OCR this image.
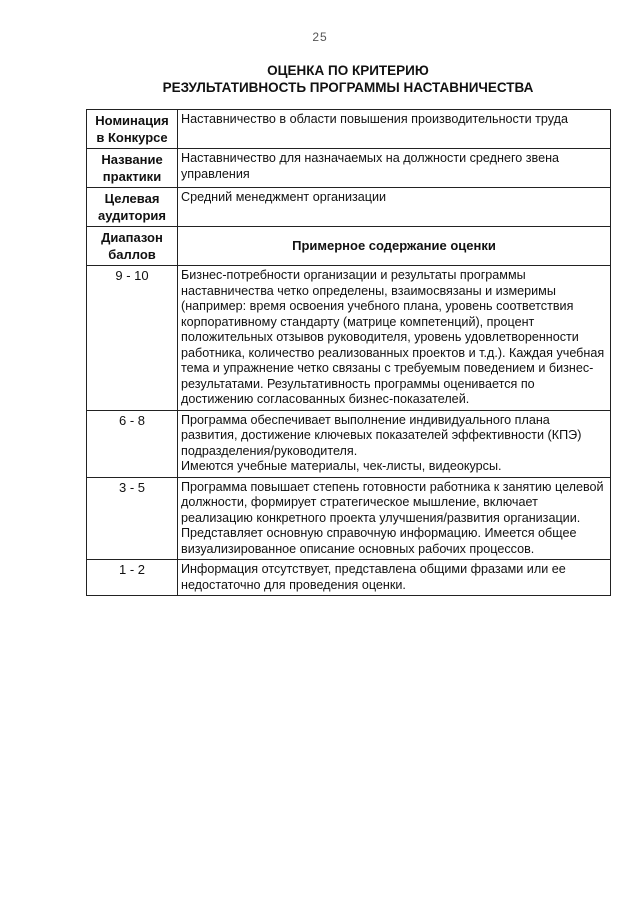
25
ОЦЕНКА ПО КРИТЕРИЮ
РЕЗУЛЬТАТИВНОСТЬ ПРОГРАММЫ НАСТАВНИЧЕСТВА
Номинация в Конкурсе	Наставничество в области повышения производительности труда
Название практики	Наставничество для назначаемых на должности среднего звена управления
Целевая аудитория	Средний менеджмент организации
Диапазон баллов	Примерное содержание оценки
9 - 10	Бизнес-потребности организации и результаты программы наставничества четко определены, взаимосвязаны и измеримы (например: время освоения учебного плана, уровень соответствия корпоративному стандарту (матрице компетенций), процент положительных отзывов руководителя, уровень удовлетворенности работника, количество реализованных проектов и т.д.). Каждая учебная тема и упражнение четко связаны с требуемым поведением и бизнес-результатами. Результативность программы оценивается по достижению согласованных бизнес-показателей.
6 - 8	Программа обеспечивает выполнение индивидуального плана развития, достижение ключевых показателей эффективности (КПЭ) подразделения/руководителя.
Имеются учебные материалы, чек-листы, видеокурсы.

3 - 5	Программа повышает степень готовности работника к занятию целевой должности, формирует стратегическое мышление, включает реализацию конкретного проекта улучшения/развития организации. Представляет основную справочную информацию. Имеется общее визуализированное описание основных рабочих процессов.
1 - 2	Информация отсутствует, представлена общими фразами или ее недостаточно для проведения оценки.
